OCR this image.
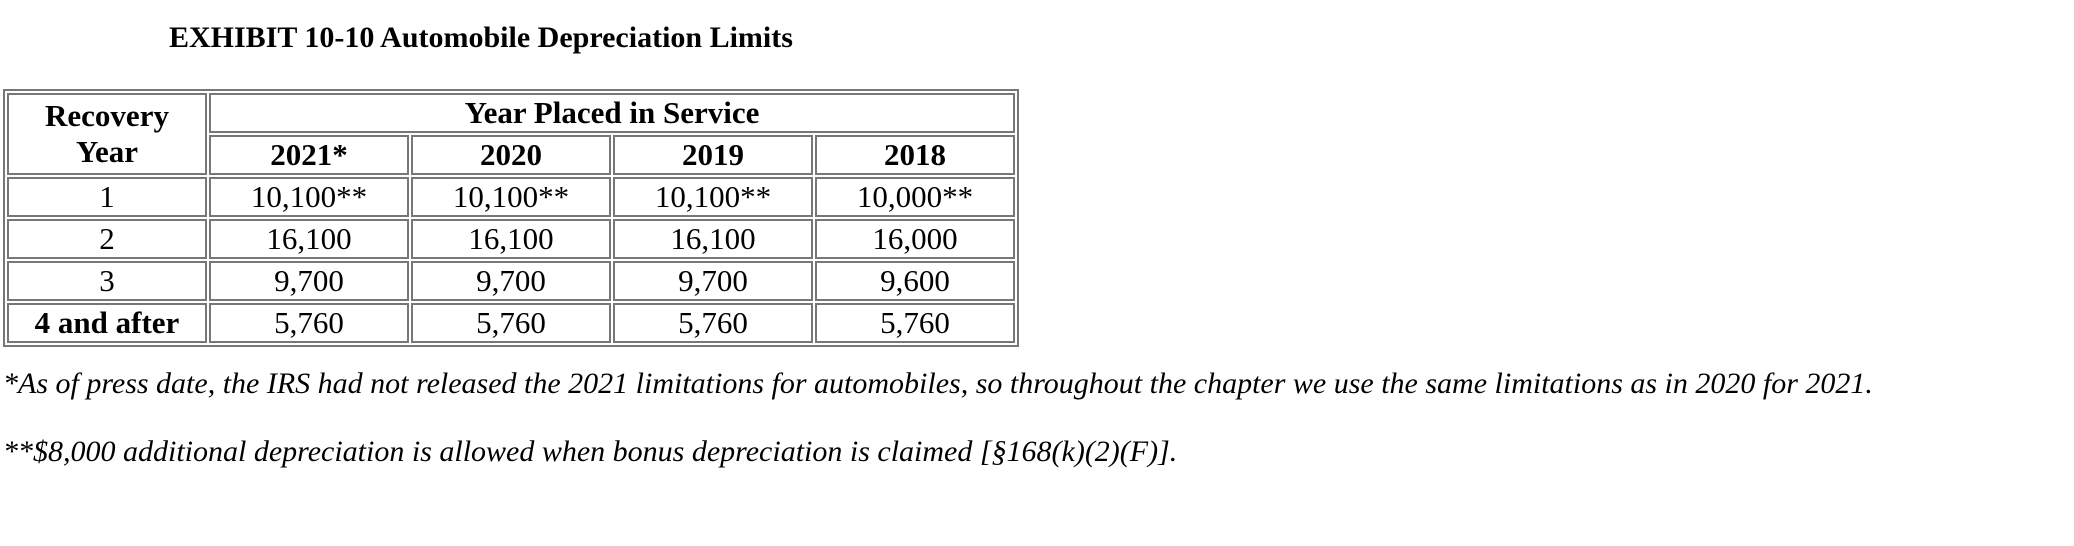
EXHIBIT 10-10 Automobile Depreciation Limits
Recovery
Year	Year Placed in Service			
	2021*	2020	2019	2018
1	10,100**	10,100**	10,100**	10,000**
2	16,100	16,100	16,100	16,000
3	9,700	9,700	9,700	9,600
4 and after	5,760	5,760	5,760	5,760
*As of press date, the IRS had not released the 2021 limitations for automobiles, so throughout the chapter we use the same limitations as in 2020 for 2021.
**$8,000 additional depreciation is allowed when bonus depreciation is claimed [§168(k)(2)(F)].
